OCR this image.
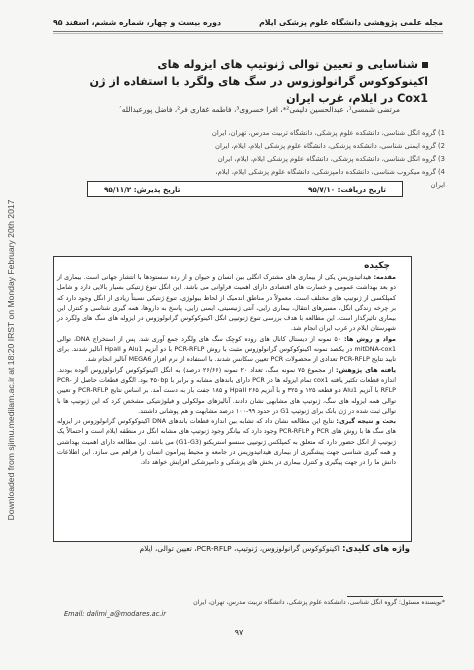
Downloaded from sjimu.medilam.ac.ir at 18:20 IRST on Monday February 20th 2017
مجله علمی پژوهشی دانشگاه علوم پزشکی ایلام
دوره بیست و چهار، شماره ششم، اسفند ۹۵
شناسایی و تعیین توالی ژنوتیپ های ایزوله های اکینوکوکوس گرانولوزوس در سگ های ولگرد با استفاده از ژن Cox1 در ایلام، غرب ایران
مرتضی شمسی¹، عبدالحسین دلیمی²*، افرا خسروی³، فاطمه غفاری فر²، فاضل پورعبدالله´
1) گروه انگل شناسی، دانشکده علوم پزشکی، دانشگاه تربیت مدرس، تهران، ایران
2) گروه ایمنی شناسی، دانشکده پزشکی، دانشگاه علوم پزشکی ایلام، ایلام، ایران
3) گروه انگل شناسی، دانشکده پزشکی، دانشگاه علوم پزشکی ایلام، ایلام، ایران
4) گروه میکروب شناسی، دانشکده دامپزشکی، دانشگاه علوم پزشکی ایلام، ایلام، ایران
تاریخ دریافت: ۹۵/۷/۱۰
تاریخ پذیرش: ۹۵/۱۱/۲
چکیده

مقدمه: هیداتیدوزیس یکی از بیماری های مشترک انگلی بین انسان و حیوان و از رده سستودها با انتشار جهانی است. بیماری از دو بعد بهداشت عمومی و خسارت های اقتصادی دارای اهمیت فراوانی می باشد. این انگل تنوع ژنتیکی بسیار بالایی دارد و شامل کمپلکسی از ژنوتیپ های مختلف است. معمولاً در مناطق اندمیک از لحاظ بیولوژی، تنوع ژنتیکی نسبتاً زیادی از انگل وجود دارد که بر چرخه زندگی انگل، مسیرهای انتقال، بیماری زایی، آنتی ژنیسیتی، ایمنی زایی، پاسخ به داروها، همه گیری شناسی و کنترل این بیماری تاثیرگذار است. این مطالعه با هدف بررسی تنوع ژنوتیپی انگل اکینوکوکوس گرانولوزوس در ایزوله های سگ های ولگرد در شهرستان ایلام در غرب ایران انجام شد.

مواد و روش ها: ۵۰ نمونه از دیستال کانال های روده کوچک سگ های ولگرد جمع آوری شد. پس از استخراج DNA، توالی mitDNA-cox1 در یکصد نمونه اکینوکوکوس گرانولوزوس مثبت با روش PCR-RFLP با دو آنزیم Alu1 و HpaII آنالیز شدند. برای تایید نتایج PCR-RFLP تعدادی از محصولات PCR تعیین سکانس شدند. با استفاده از نرم افزار MEGA6 آنالیز انجام شد.

یافته های پژوهش: از مجموع ۷۵ نمونه سگ، تعداد ۲۰ نمونه (۲۶/۶۶ درصد) به انگل اکینوکوکوس گرانولوزوس آلوده بودند. اندازه قطعات تکثیر یافته cox1 تمام ایزوله ها در PCR دارای باندهای مشابه و برابر با ۴۵۰bp بود. الگوی قطعات حاصل از PCR-RFLP با آنزیم Alu1 دو قطعه ۱۲۵ و ۳۲۵ و با آنزیم HpaII ۲۶۵ و ۱۸۵ جفت باز به دست آمد. بر اساس نتایج PCR-RFLP و تعیین توالی همه ایزوله های سگ، ژنوتیپ های مشابهی نشان دادند. آنالیزهای مولکولی و فیلوژنتیکی مشخص کرد که این ژنوتیپ ها با توالی ثبت شده در ژن بانک برای ژنوتیپ G1 در حدود ۹۹-۱۰۰ درصد مشابهت و هم پوشانی داشتند.

بحث و نتیجه گیری: نتایج این مطالعه نشان داد که تشابه بین اندازه قطعات باندهای DNA اکینوکوکوس گرانولوزوس در ایزوله های سگ ها با روش های PCR و PCR-RFLP وجود دارد که بیانگر وجود ژنوتیپ های مشابه انگل در منطقه ایلام است و احتمالاً یک ژنوتیپ از انگل حضور دارد که متعلق به کمپلکس ژنوتیپی سنسو استریکتو (G1-G3) می باشد. این مطالعه دارای اهمیت بهداشتی و همه گیری شناسی جهت پیشگیری از بیماری هیداتیدوزیس در جامعه و محیط پیرامون انسان را فراهم می سازد. این اطلاعات دانش ما را در جهت پیگیری و کنترل بیماری در بخش های پزشکی و دامپزشکی افزایش خواهد داد.

واژه های کلیدی: اکینوکوکوس گرانولوزوس، ژنوتیپ، PCR-RFLP، تعیین توالی، ایلام
*نویسنده مسئول: گروه انگل شناسی، دانشکده علوم پزشکی، دانشگاه تربیت مدرس، تهران، ایران
Email: dalimi_a@modares.ac.ir
۹۷
